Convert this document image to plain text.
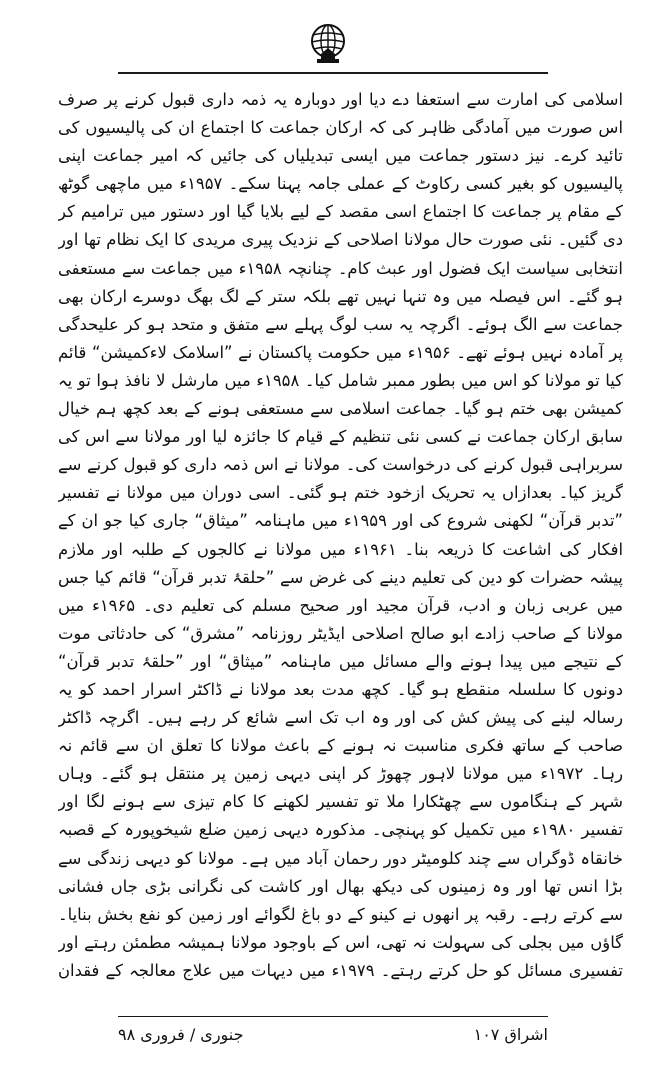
اسلامی کی امارت سے استعفا دے دیا اور دوبارہ یہ ذمہ داری قبول کرنے پر صرف اس صورت میں آمادگی ظاہر کی کہ ارکان جماعت کا اجتماع ان کی پالیسیوں کی تائید کرے۔ نیز دستور جماعت میں ایسی تبدیلیاں کی جائیں کہ امیر جماعت اپنی پالیسیوں کو بغیر کسی رکاوٹ کے عملی جامہ پہنا سکے۔ ۱۹۵۷ء میں ماچھی گوٹھ کے مقام پر جماعت کا اجتماع اسی مقصد کے لیے بلایا گیا اور دستور میں ترامیم کر دی گئیں۔ نئی صورت حال مولانا اصلاحی کے نزدیک پیری مریدی کا ایک نظام تھا اور انتخابی سیاست ایک فضول اور عبث کام۔ چنانچہ ۱۹۵۸ء میں جماعت سے مستعفی ہو گئے۔ اس فیصلہ میں وہ تنہا نہیں تھے بلکہ ستر کے لگ بھگ دوسرے ارکان بھی جماعت سے الگ ہوئے۔ اگرچہ یہ سب لوگ پہلے سے متفق و متحد ہو کر علیحدگی پر آمادہ نہیں ہوئے تھے۔ ۱۹۵۶ء میں حکومت پاکستان نے ”اسلامک لاءکمیشن“ قائم کیا تو مولانا کو اس میں بطور ممبر شامل کیا۔ ۱۹۵۸ء میں مارشل لا نافذ ہوا تو یہ کمیشن بھی ختم ہو گیا۔ جماعت اسلامی سے مستعفی ہونے کے بعد کچھ ہم خیال سابق ارکان جماعت نے کسی نئی تنظیم کے قیام کا جائزہ لیا اور مولانا سے اس کی سربراہی قبول کرنے کی درخواست کی۔ مولانا نے اس ذمہ داری کو قبول کرنے سے گریز کیا۔ بعدازاں یہ تحریک ازخود ختم ہو گئی۔ اسی دوران میں مولانا نے تفسیر ”تدبر قرآن“ لکھنی شروع کی اور ۱۹۵۹ء میں ماہنامہ ”میثاق“ جاری کیا جو ان کے افکار کی اشاعت کا ذریعہ بنا۔ ۱۹۶۱ء میں مولانا نے کالجوں کے طلبہ اور ملازم پیشہ حضرات کو دین کی تعلیم دینے کی غرض سے ”حلقۂ تدبر قرآن“ قائم کیا جس میں عربی زبان و ادب، قرآن مجید اور صحیح مسلم کی تعلیم دی۔ ۱۹۶۵ء میں مولانا کے صاحب زادے ابو صالح اصلاحی ایڈیٹر روزنامہ ”مشرق“ کی حادثاتی موت کے نتیجے میں پیدا ہونے والے مسائل میں ماہنامہ ”میثاق“ اور ”حلقۂ تدبر قرآن“ دونوں کا سلسلہ منقطع ہو گیا۔ کچھ مدت بعد مولانا نے ڈاکٹر اسرار احمد کو یہ رسالہ لینے کی پیش کش کی اور وہ اب تک اسے شائع کر رہے ہیں۔ اگرچہ ڈاکٹر صاحب کے ساتھ فکری مناسبت نہ ہونے کے باعث مولانا کا تعلق ان سے قائم نہ رہا۔ ۱۹۷۲ء میں مولانا لاہور چھوڑ کر اپنی دیہی زمین پر منتقل ہو گئے۔ وہاں شہر کے ہنگاموں سے چھٹکارا ملا تو تفسیر لکھنے کا کام تیزی سے ہونے لگا اور تفسیر ۱۹۸۰ء میں تکمیل کو پہنچی۔ مذکورہ دیہی زمین ضلع شیخوپورہ کے قصبہ خانقاہ ڈوگراں سے چند کلومیٹر دور رحمان آباد میں ہے۔ مولانا کو دیہی زندگی سے بڑا انس تھا اور وہ زمینوں کی دیکھ بھال اور کاشت کی نگرانی بڑی جاں فشانی سے کرتے رہے۔ رقبہ پر انھوں نے کینو کے دو باغ لگوائے اور زمین کو نفع بخش بنایا۔ گاؤں میں بجلی کی سہولت نہ تھی، اس کے باوجود مولانا ہمیشہ مطمئن رہتے اور تفسیری مسائل کو حل کرتے رہتے۔ ۱۹۷۹ء میں دیہات میں علاج معالجہ کے فقدان

اشراق ۱۰۷
جنوری / فروری ۹۸
